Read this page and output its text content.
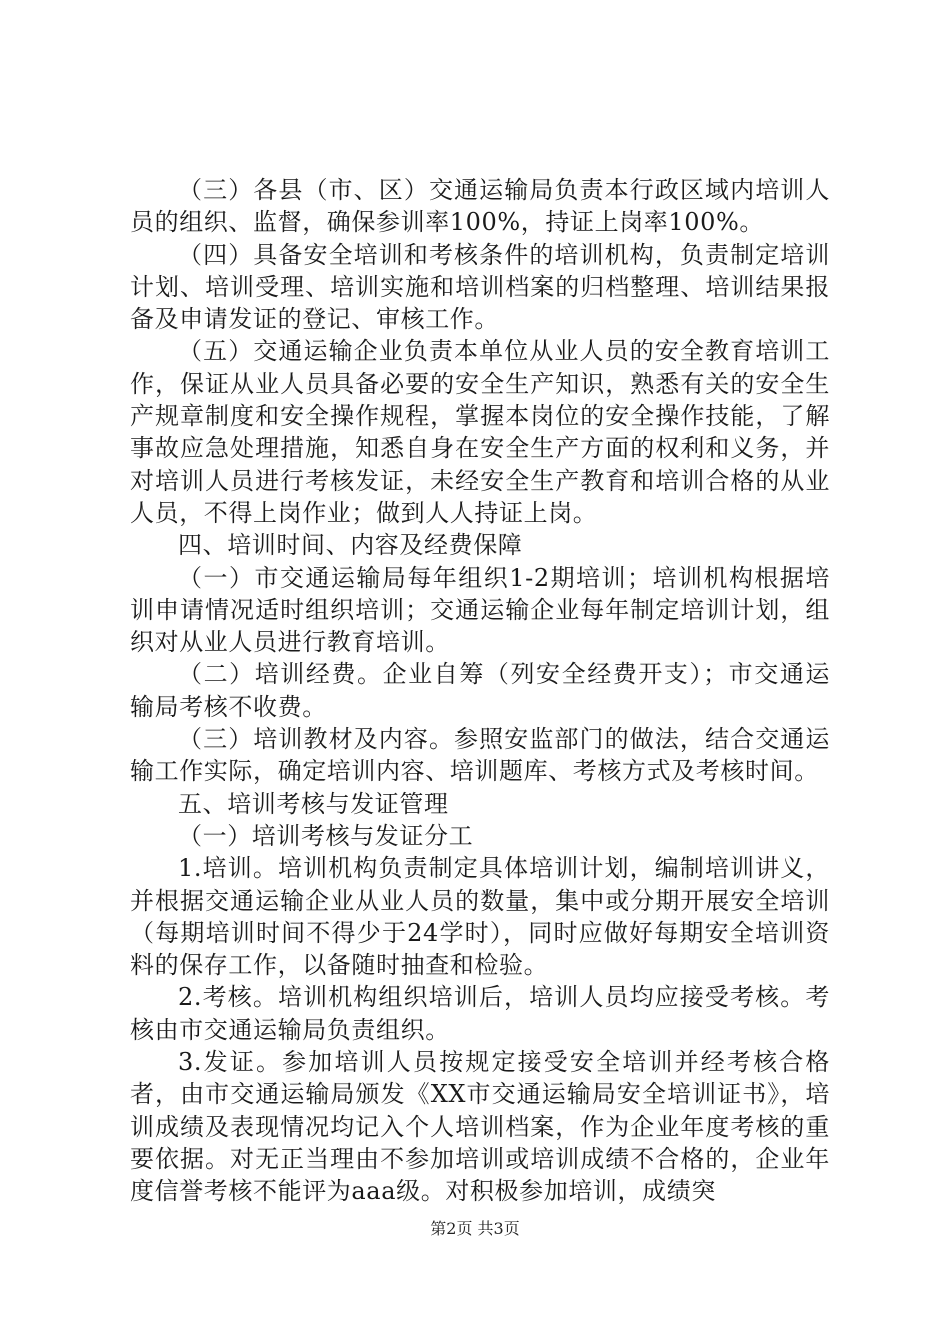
（三）各县（市、区）交通运输局负责本行政区域内培训人员的组织、监督，确保参训率100%，持证上岗率100%。

（四）具备安全培训和考核条件的培训机构，负责制定培训计划、培训受理、培训实施和培训档案的归档整理、培训结果报备及申请发证的登记、审核工作。

（五）交通运输企业负责本单位从业人员的安全教育培训工作，保证从业人员具备必要的安全生产知识，熟悉有关的安全生产规章制度和安全操作规程，掌握本岗位的安全操作技能，了解事故应急处理措施，知悉自身在安全生产方面的权利和义务，并对培训人员进行考核发证，未经安全生产教育和培训合格的从业人员，不得上岗作业；做到人人持证上岗。

四、培训时间、内容及经费保障

（一）市交通运输局每年组织1-2期培训；培训机构根据培训申请情况适时组织培训；交通运输企业每年制定培训计划，组织对从业人员进行教育培训。

（二）培训经费。企业自筹（列安全经费开支）；市交通运输局考核不收费。

（三）培训教材及内容。参照安监部门的做法，结合交通运输工作实际，确定培训内容、培训题库、考核方式及考核时间。

五、培训考核与发证管理

（一）培训考核与发证分工

1.培训。培训机构负责制定具体培训计划，编制培训讲义，并根据交通运输企业从业人员的数量，集中或分期开展安全培训（每期培训时间不得少于24学时），同时应做好每期安全培训资料的保存工作，以备随时抽查和检验。

2.考核。培训机构组织培训后，培训人员均应接受考核。考核由市交通运输局负责组织。

3.发证。参加培训人员按规定接受安全培训并经考核合格者，由市交通运输局颁发《XX市交通运输局安全培训证书》，培训成绩及表现情况均记入个人培训档案，作为企业年度考核的重要依据。对无正当理由不参加培训或培训成绩不合格的，企业年度信誉考核不能评为aaa级。对积极参加培训，成绩突

第2页 共3页
